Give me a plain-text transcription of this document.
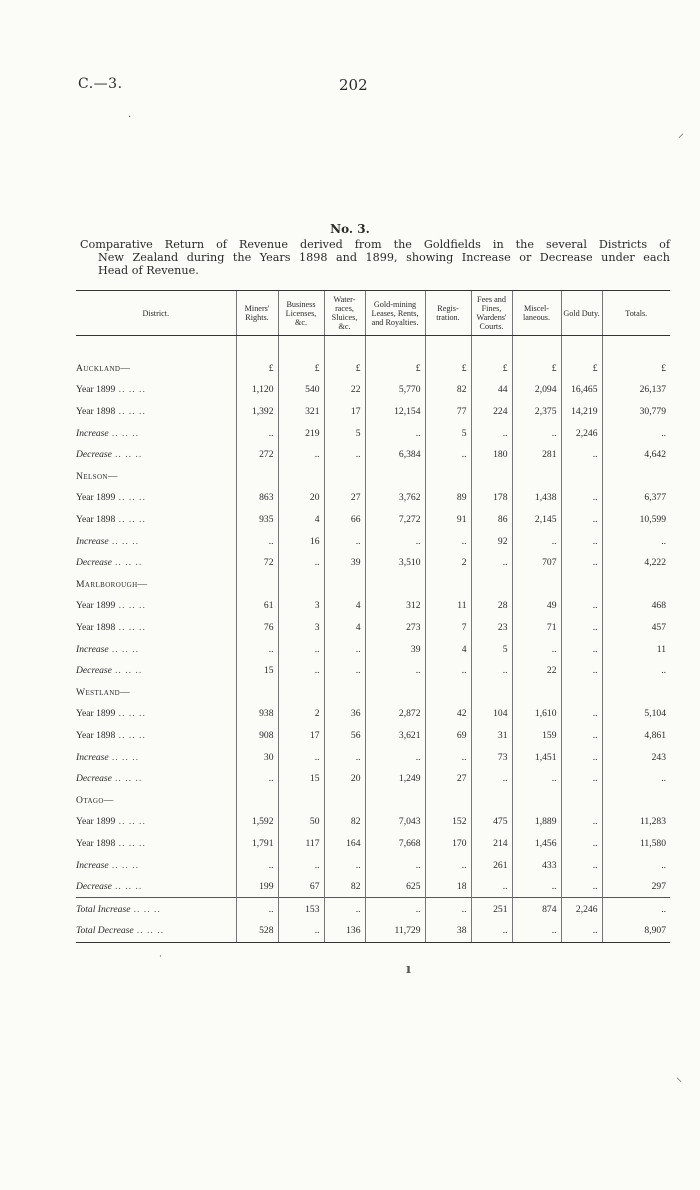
C.—3.	202
·
⸝
No. 3.
Comparative Return of Revenue derived from the Goldfields in the several Districts of
New Zealand during the Years 1898 and 1899, showing Increase or Decrease under each
Head of Revenue.
District.	Miners' Rights.	Business Licenses, &c.	Water-races, Sluices, &c.	Gold-mining Leases, Rents, and Royalties.	Regis-tration.	Fees and Fines, Wardens' Courts.	Miscel-laneous.	Gold Duty.	Totals.

Auckland—	£	£	£	£	£	£	£	£	£
Year 1899 .. .. ..	1,120	540	22	5,770	82	44	2,094	16,465	26,137
Year 1898 .. .. ..	1,392	321	17	12,154	77	224	2,375	14,219	30,779
Increase .. .. ..	..	219	5	..	5	..	..	2,246	..
Decrease .. .. ..	272	..	..	6,384	..	180	281	..	4,642
Nelson—									
Year 1899 .. .. ..	863	20	27	3,762	89	178	1,438	..	6,377
Year 1898 .. .. ..	935	4	66	7,272	91	86	2,145	..	10,599
Increase .. .. ..	..	16	..	..	..	92	..	..	..
Decrease .. .. ..	72	..	39	3,510	2	..	707	..	4,222
Marlborough—									
Year 1899 .. .. ..	61	3	4	312	11	28	49	..	468
Year 1898 .. .. ..	76	3	4	273	7	23	71	..	457
Increase .. .. ..	..	..	..	39	4	5	..	..	11
Decrease .. .. ..	15	..	..	..	..	..	22	..	..
Westland—									
Year 1899 .. .. ..	938	2	36	2,872	42	104	1,610	..	5,104
Year 1898 .. .. ..	908	17	56	3,621	69	31	159	..	4,861
Increase .. .. ..	30	..	..	..	..	73	1,451	..	243
Decrease .. .. ..	..	15	20	1,249	27	..	..	..	..
Otago—									
Year 1899 .. .. ..	1,592	50	82	7,043	152	475	1,889	..	11,283
Year 1898 .. .. ..	1,791	117	164	7,668	170	214	1,456	..	11,580
Increase .. .. ..	..	..	..	..	..	261	433	..	..
Decrease .. .. ..	199	67	82	625	18	..	..	..	297
Total Increase .. .. ..	..	153	..	..	..	251	874	2,246	..
Total Decrease .. .. ..	528	..	136	11,729	38	..	..	..	8,907
ı
·
⸜
